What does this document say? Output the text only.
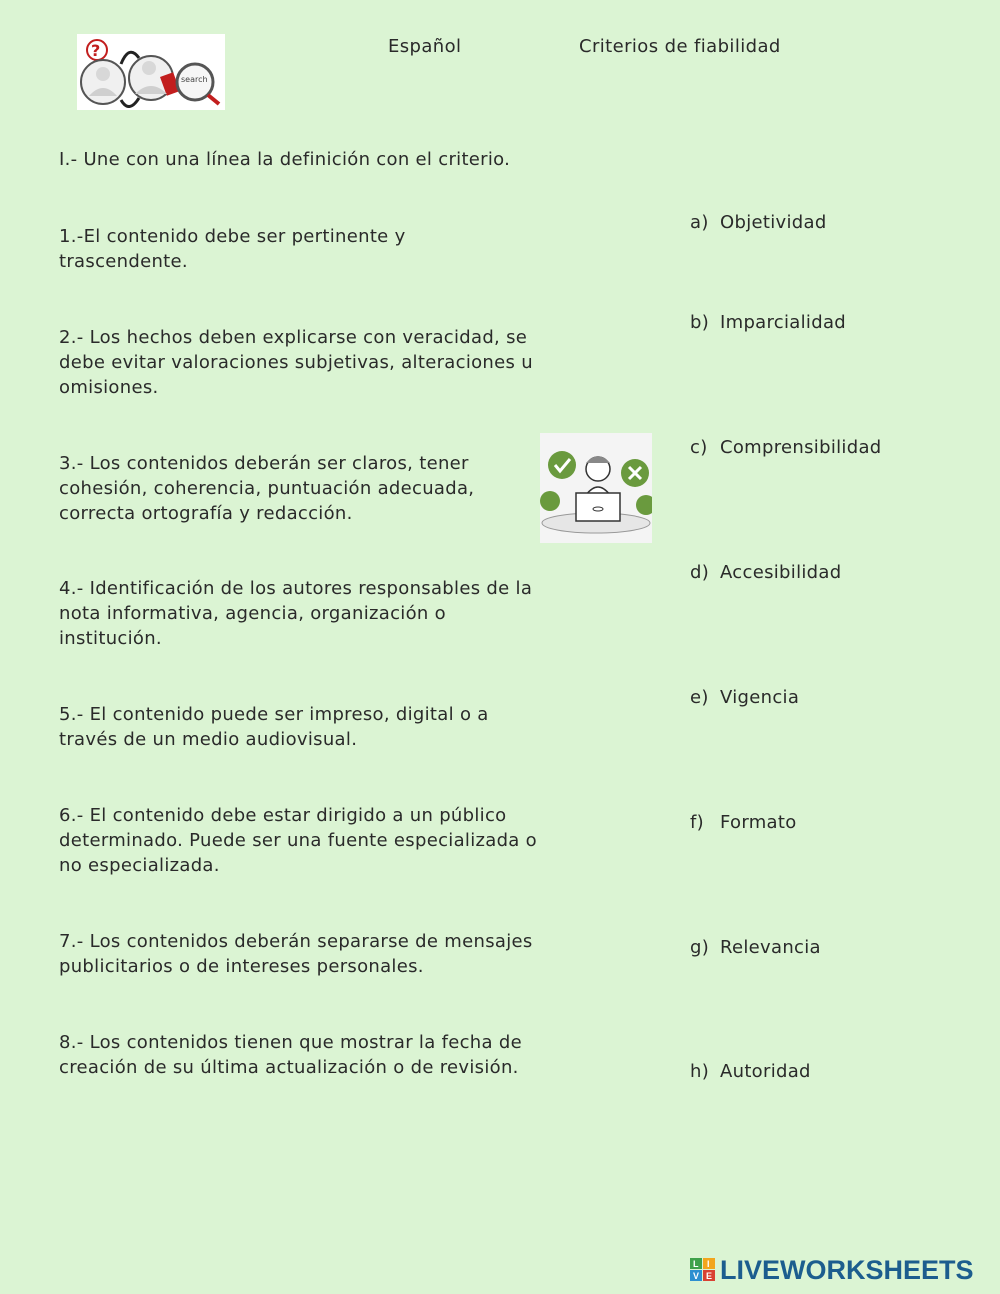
?
search
Español	Criterios de fiabilidad
I.- Une con una línea la definición con el criterio.
1.-El contenido debe ser pertinente y
trascendente.
2.- Los hechos deben explicarse con veracidad, se
debe evitar valoraciones subjetivas, alteraciones u
omisiones.
3.- Los contenidos deberán ser claros, tener
cohesión, coherencia, puntuación adecuada,
correcta ortografía y redacción.
4.- Identificación de los autores responsables de la
nota informativa, agencia, organización o
institución.
5.- El contenido puede ser impreso, digital o a
través de un medio audiovisual.
6.- El contenido debe estar dirigido a un público
determinado. Puede ser una fuente especializada o
no especializada.
7.- Los contenidos deberán separarse de mensajes
publicitarios o de intereses personales.
8.- Los contenidos tienen que mostrar la fecha de
creación de su última actualización o de revisión.
a) Objetividad
b) Imparcialidad
c) Comprensibilidad
d) Accesibilidad
e) Vigencia
f) Formato
g) Relevancia
h) Autoridad
L I
V E LIVEWORKSHEETS
